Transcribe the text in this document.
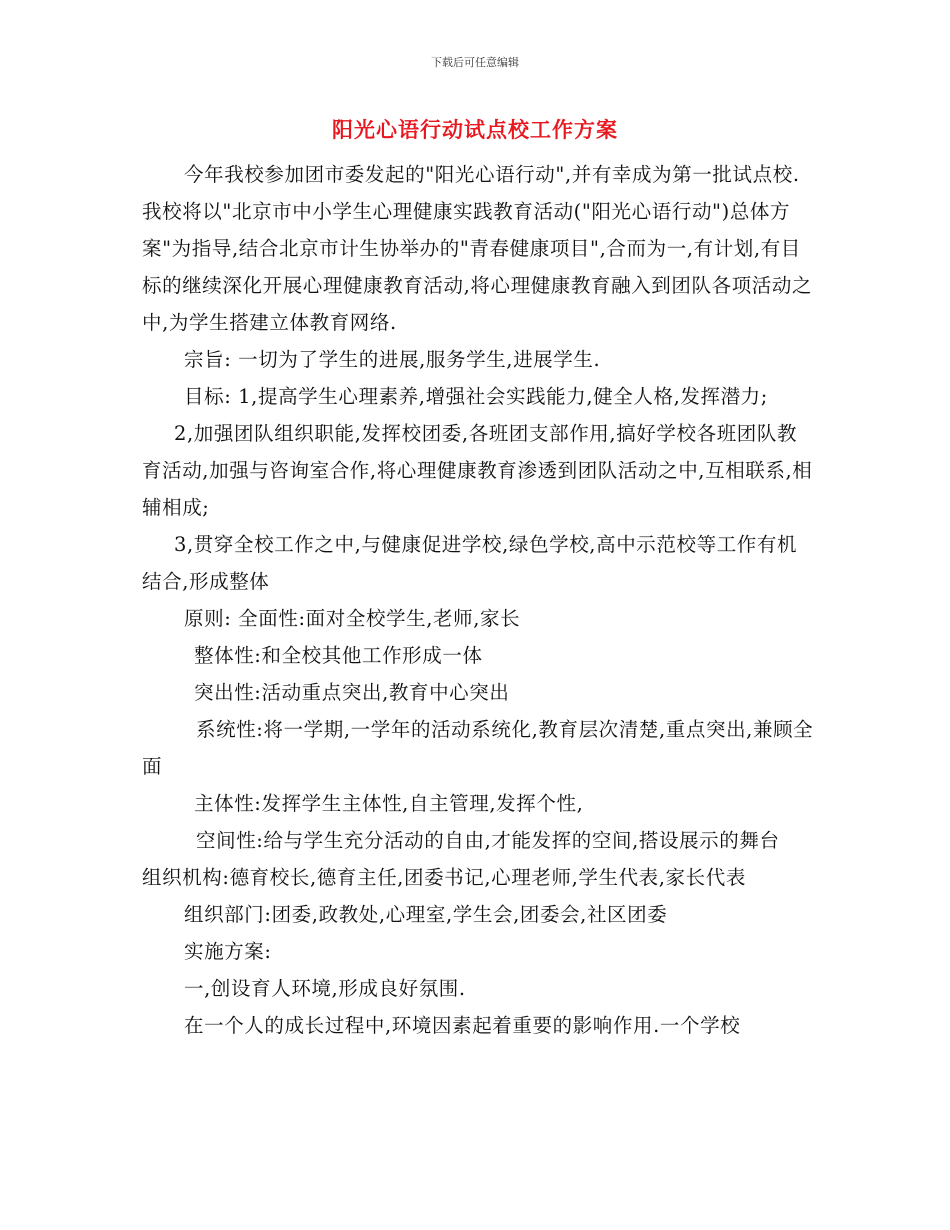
下载后可任意编辑
阳光心语行动试点校工作方案

今年我校参加团市委发起的"阳光心语行动",并有幸成为第一批试点校.我校将以"北京市中小学生心理健康实践教育活动("阳光心语行动")总体方案"为指导,结合北京市计生协举办的"青春健康项目",合而为一,有计划,有目标的继续深化开展心理健康教育活动,将心理健康教育融入到团队各项活动之中,为学生搭建立体教育网络.

宗旨: 一切为了学生的进展,服务学生,进展学生.

目标: 1,提高学生心理素养,增强社会实践能力,健全人格,发挥潜力;

2,加强团队组织职能,发挥校团委,各班团支部作用,搞好学校各班团队教育活动,加强与咨询室合作,将心理健康教育渗透到团队活动之中,互相联系,相辅相成;

3,贯穿全校工作之中,与健康促进学校,绿色学校,高中示范校等工作有机结合,形成整体

原则: 全面性:面对全校学生,老师,家长

整体性:和全校其他工作形成一体

突出性:活动重点突出,教育中心突出

系统性:将一学期,一学年的活动系统化,教育层次清楚,重点突出,兼顾全面

主体性:发挥学生主体性,自主管理,发挥个性,

空间性:给与学生充分活动的自由,才能发挥的空间,搭设展示的舞台　　组织机构:德育校长,德育主任,团委书记,心理老师,学生代表,家长代表

组织部门:团委,政教处,心理室,学生会,团委会,社区团委

实施方案:

一,创设育人环境,形成良好氛围.

在一个人的成长过程中,环境因素起着重要的影响作用.一个学校
